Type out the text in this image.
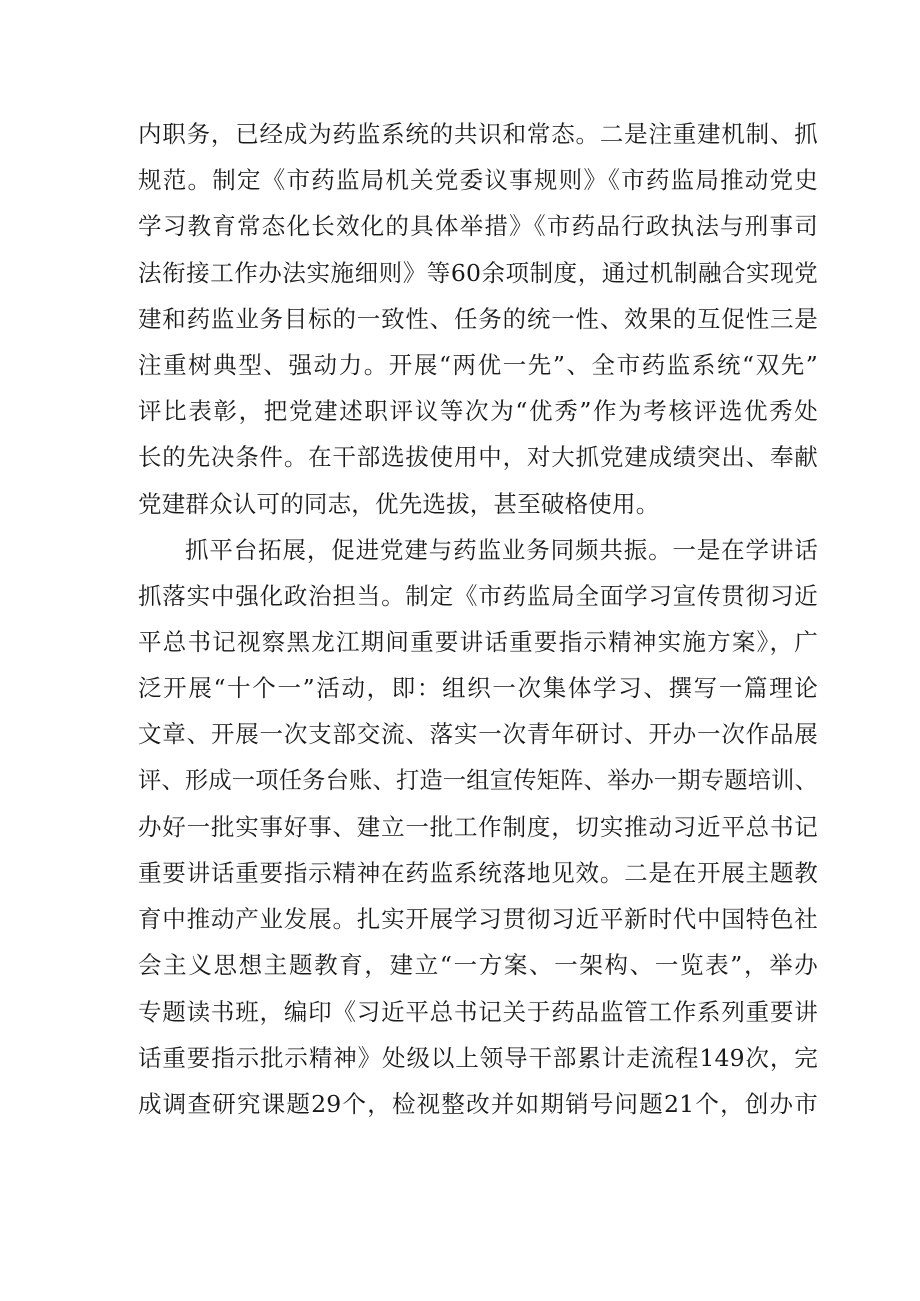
内职务，已经成为药监系统的共识和常态。二是注重建机制、抓
规范。制定《市药监局机关党委议事规则》《市药监局推动党史
学习教育常态化长效化的具体举措》《市药品行政执法与刑事司
法衔接工作办法实施细则》等60余项制度，通过机制融合实现党
建和药监业务目标的一致性、任务的统一性、效果的互促性三是
注重树典型、强动力。开展“两优一先”、全市药监系统“双先”
评比表彰，把党建述职评议等次为“优秀”作为考核评选优秀处
长的先决条件。在干部选拔使用中，对大抓党建成绩突出、奉献
党建群众认可的同志，优先选拔，甚至破格使用。
抓平台拓展，促进党建与药监业务同频共振。一是在学讲话
抓落实中强化政治担当。制定《市药监局全面学习宣传贯彻习近
平总书记视察黑龙江期间重要讲话重要指示精神实施方案》，广
泛开展“十个一”活动，即：组织一次集体学习、撰写一篇理论
文章、开展一次支部交流、落实一次青年研讨、开办一次作品展
评、形成一项任务台账、打造一组宣传矩阵、举办一期专题培训、
办好一批实事好事、建立一批工作制度，切实推动习近平总书记
重要讲话重要指示精神在药监系统落地见效。二是在开展主题教
育中推动产业发展。扎实开展学习贯彻习近平新时代中国特色社
会主义思想主题教育，建立“一方案、一架构、一览表”，举办
专题读书班，编印《习近平总书记关于药品监管工作系列重要讲
话重要指示批示精神》处级以上领导干部累计走流程149次，完
成调查研究课题29个，检视整改并如期销号问题21个，创办市
